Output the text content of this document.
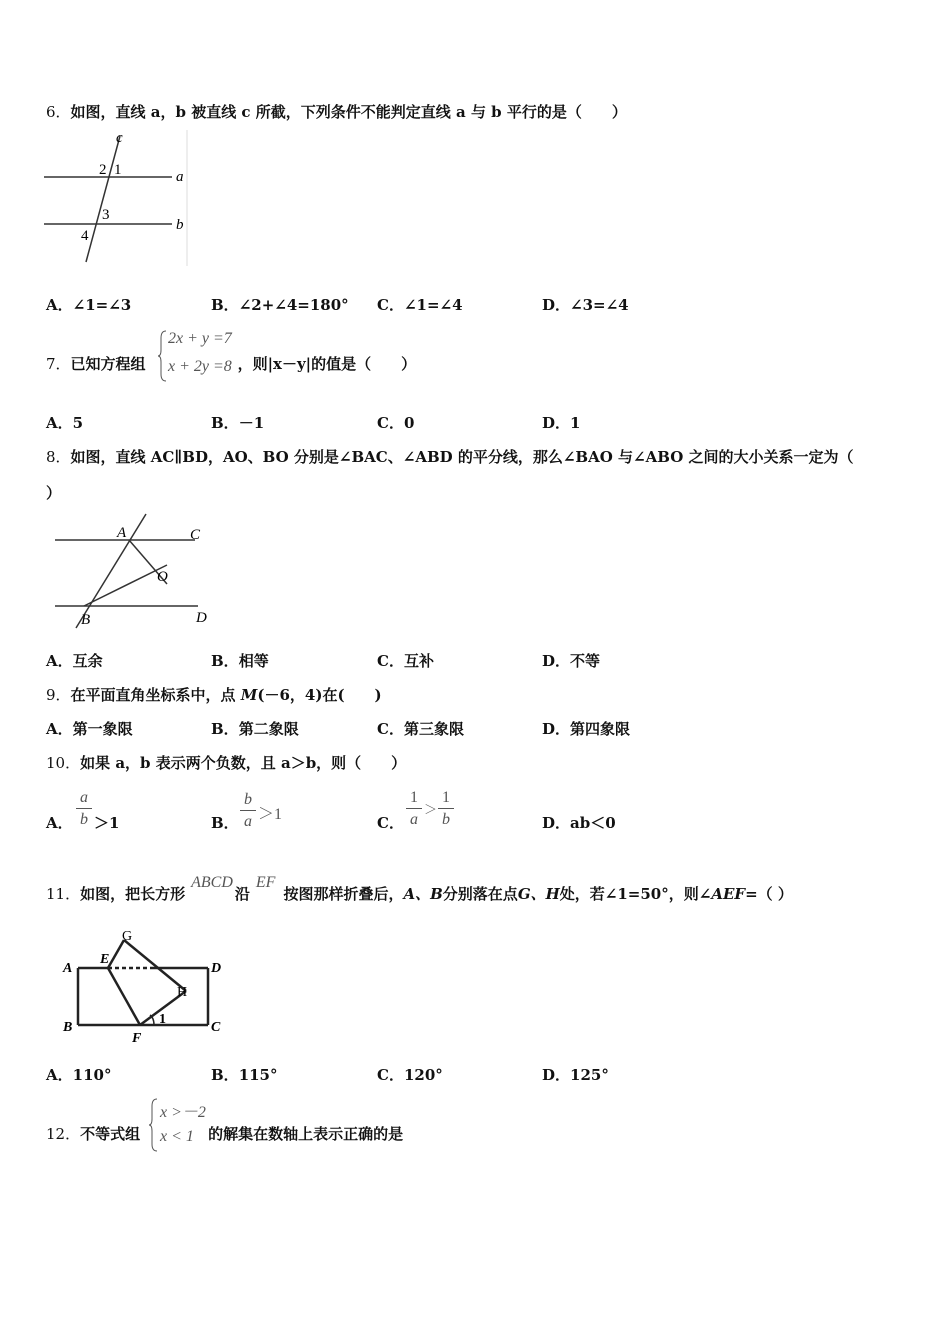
6．如图，直线 a，b 被直线 c 所截，下列条件不能判定直线 a 与 b 平行的是（　　）
c
2 1	a
3
b
4
A．∠1=∠3	B．∠2+∠4=180° C．∠1=∠4	D．∠3=∠4
7．已知方程组	，则|x－y|的值是（　　）
2x + y =7
x + 2y =8
A．5	B．－1	C．0	D．1
8．如图，直线 AC∥BD，AO、BO 分别是∠BAC、∠ABD 的平分线，那么∠BAO 与∠ABO 之间的大小关系一定为（
）
A	C
O
B	D
A．互余	B．相等	C．互补	D．不等
9．在平面直角坐标系中，点 M(－6，4)在(　　)
A．第一象限	B．第二象限	C．第三象限	D．第四象限
10．如果 a，b 表示两个负数，且 a＞b，则（　　）
A． $\frac{a}{b} >1$	B． $\frac{b}{a} >1$	C． $\frac{1}{a} > \frac{1}{b}$	D．ab＜0
11．如图，把长方形ABCD沿EF按图那样折叠后，A、B分别落在点G、H处，若∠1=50°，则∠AEF=（ ）
G
A
E
D
H
B
1
F
C
A．110°	B．115°	C．120°	D．125°
12．不等式组	的解集在数轴上表示正确的是
x >－2
x < 1
